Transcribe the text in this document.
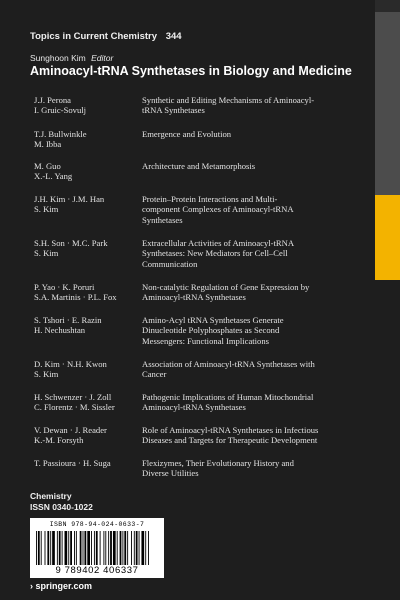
Topics in Current Chemistry 344
Sunghoon Kim Editor
Aminoacyl-tRNA Synthetases in Biology and Medicine
J.J. Perona
I. Gruic-Sovulj
Synthetic and Editing Mechanisms of Aminoacyl-
tRNA Synthetases
T.J. Bullwinkle
M. Ibba
Emergence and Evolution
M. Guo
X.-L. Yang
Architecture and Metamorphosis
J.H. Kim · J.M. Han
S. Kim
Protein–Protein Interactions and Multi-
component Complexes of Aminoacyl-tRNA
Synthetases
S.H. Son · M.C. Park
S. Kim
Extracellular Activities of Aminoacyl-tRNA
Synthetases: New Mediators for Cell–Cell
Communication
P. Yao · K. Poruri
S.A. Martinis · P.L. Fox
Non-catalytic Regulation of Gene Expression by
Aminoacyl-tRNA Synthetases
S. Tshori · E. Razin
H. Nechushtan
Amino-Acyl tRNA Synthetases Generate
Dinucleotide Polyphosphates as Second
Messengers: Functional Implications
D. Kim · N.H. Kwon
S. Kim
Association of Aminoacyl-tRNA Synthetases with
Cancer
H. Schwenzer · J. Zoll
C. Florentz · M. Sissler
Pathogenic Implications of Human Mitochondrial
Aminoacyl-tRNA Synthetases
V. Dewan · J. Reader
K.-M. Forsyth
Role of Aminoacyl-tRNA Synthetases in Infectious
Diseases and Targets for Therapeutic Development
T. Passioura · H. Suga	Flexizymes, Their Evolutionary History and
Diverse Utilities
Chemistry
ISSN 0340-1022
ISBN 978-94-024-0633-7
9 789402 406337
› springer.com
